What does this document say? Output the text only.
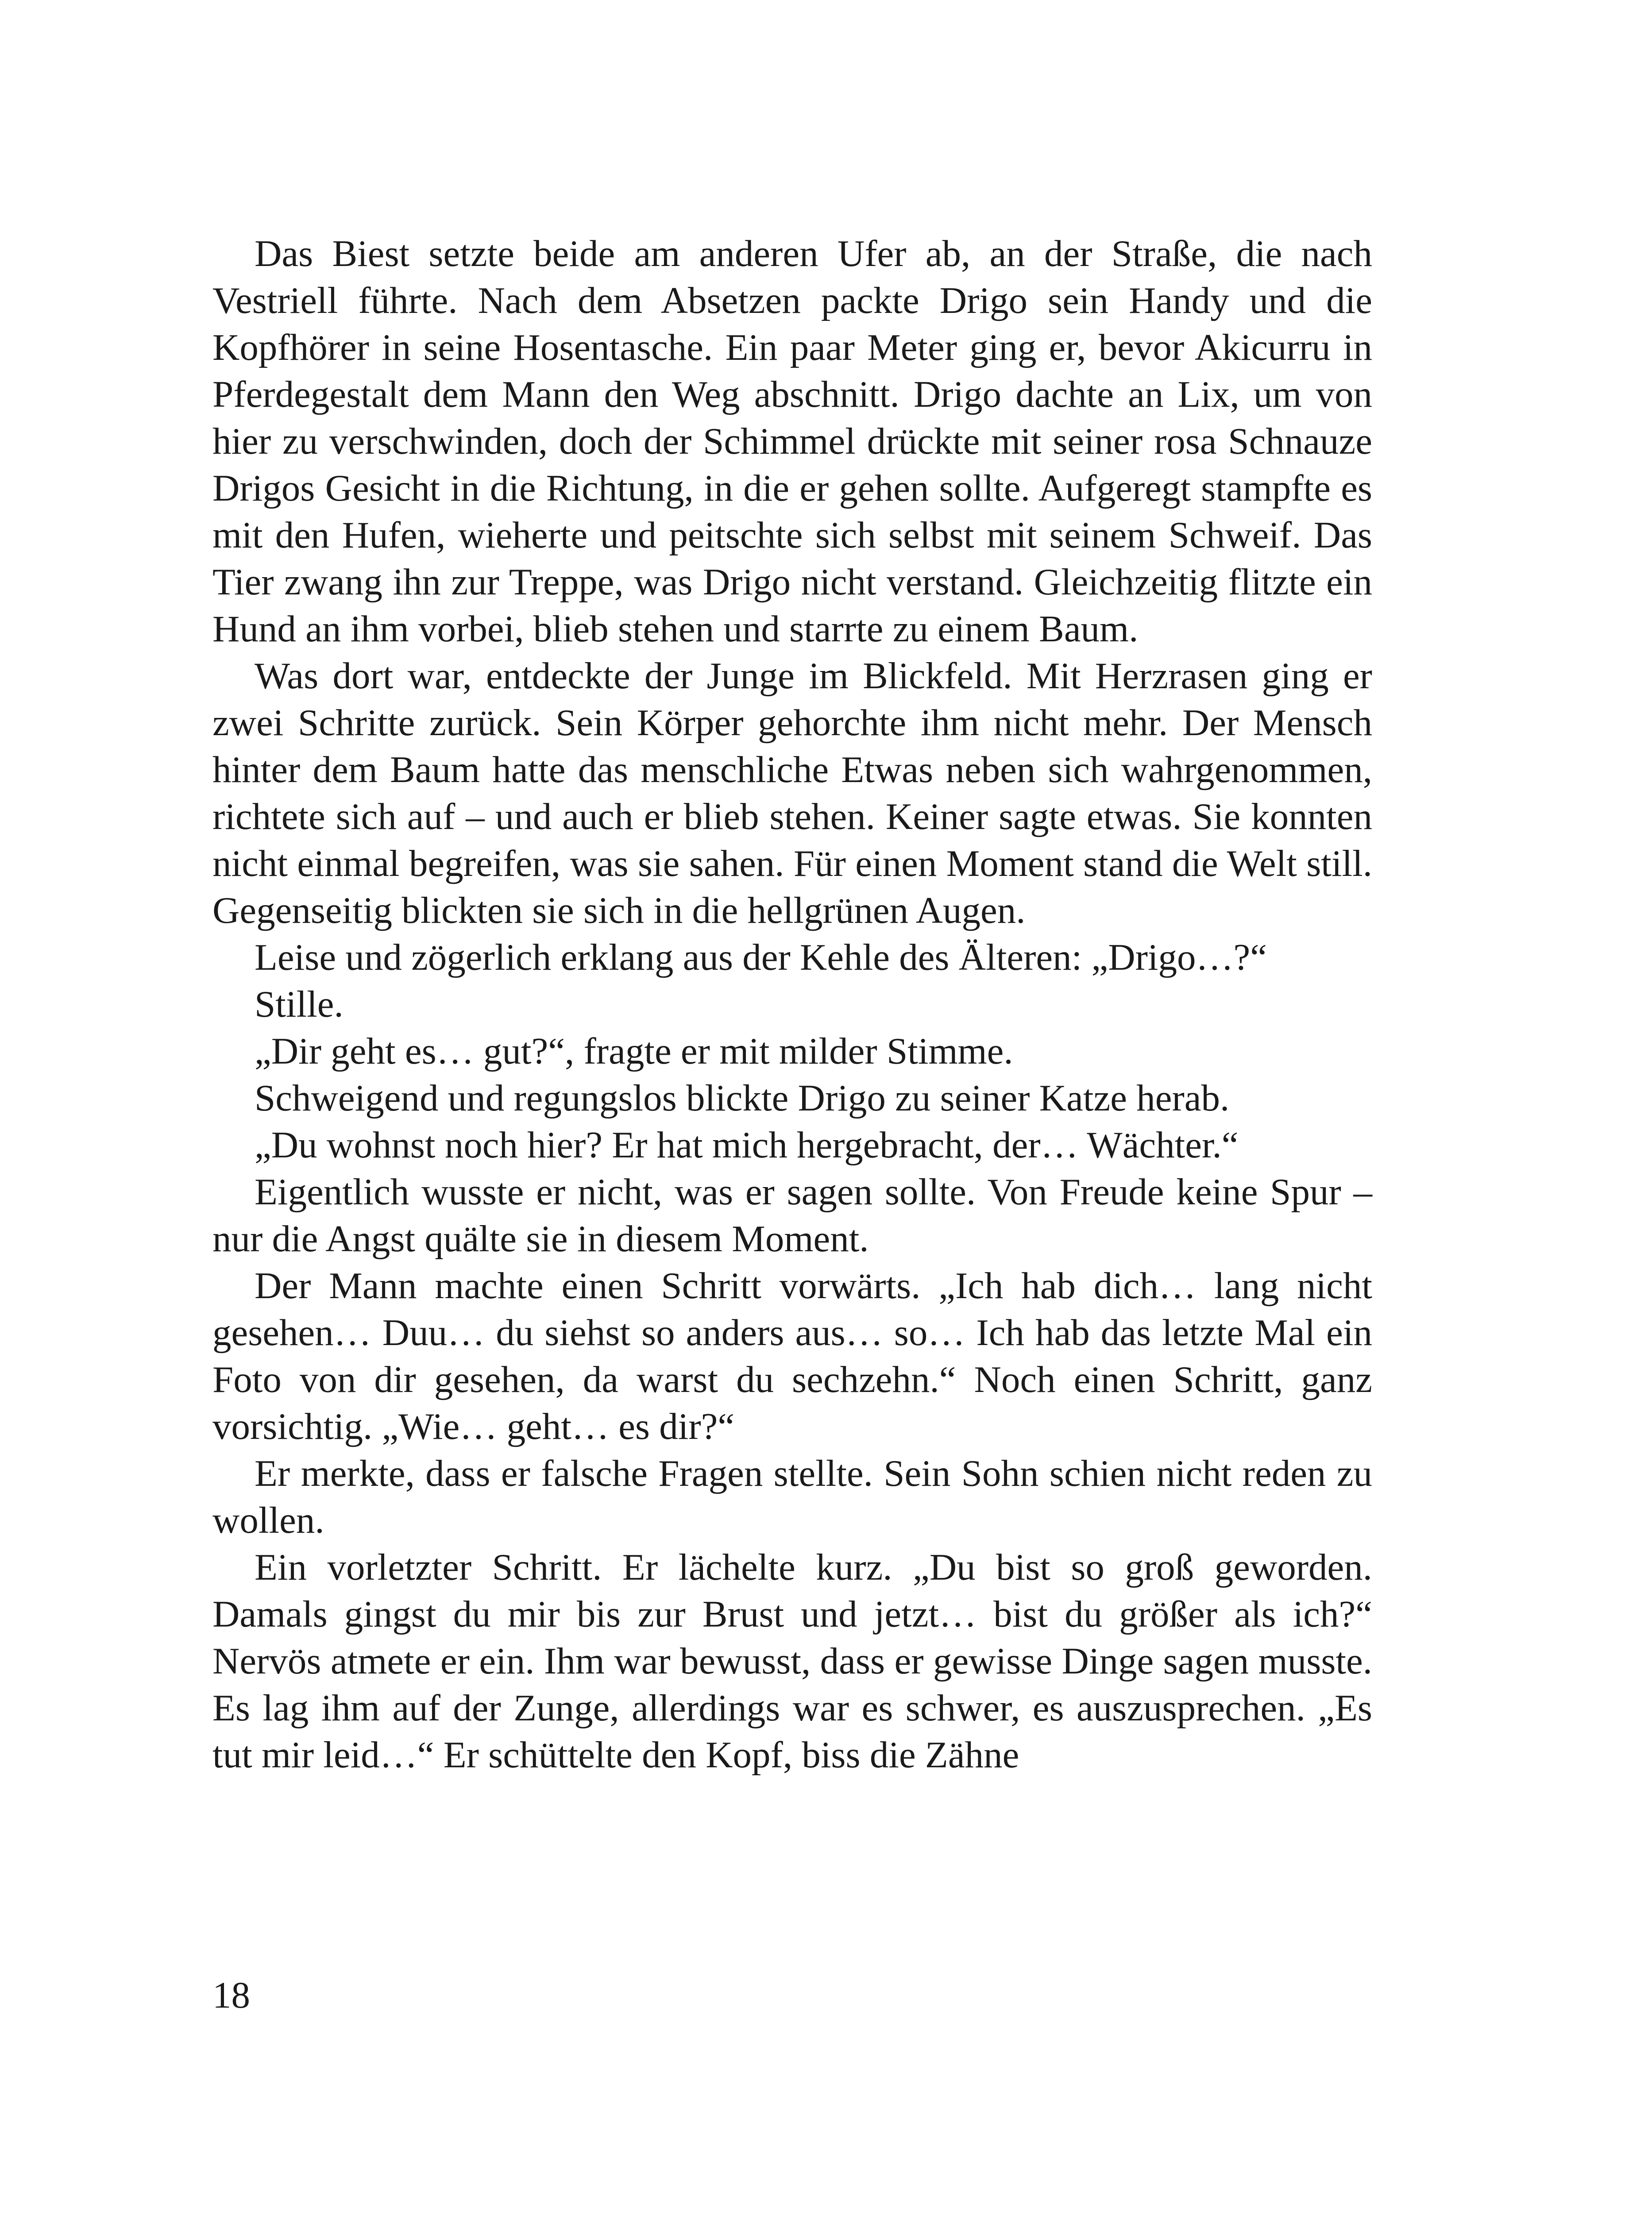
Das Biest setzte beide am anderen Ufer ab, an der Straße, die nach Vestriell führte. Nach dem Absetzen packte Drigo sein Handy und die Kopfhörer in seine Hosentasche. Ein paar Meter ging er, bevor Akicurru in Pferdegestalt dem Mann den Weg abschnitt. Drigo dachte an Lix, um von hier zu verschwinden, doch der Schimmel drückte mit seiner rosa Schnauze Drigos Gesicht in die Richtung, in die er gehen sollte. Aufgeregt stampfte es mit den Hufen, wieherte und peitschte sich selbst mit seinem Schweif. Das Tier zwang ihn zur Treppe, was Drigo nicht verstand. Gleichzeitig flitzte ein Hund an ihm vorbei, blieb stehen und starrte zu einem Baum.

Was dort war, entdeckte der Junge im Blickfeld. Mit Herzrasen ging er zwei Schritte zurück. Sein Körper gehorchte ihm nicht mehr. Der Mensch hinter dem Baum hatte das menschliche Etwas neben sich wahrgenommen, richtete sich auf – und auch er blieb stehen. Keiner sagte etwas. Sie konnten nicht einmal begreifen, was sie sahen. Für einen Moment stand die Welt still. Gegenseitig blickten sie sich in die hellgrünen Augen.

Leise und zögerlich erklang aus der Kehle des Älteren: „Drigo…?“

Stille.

„Dir geht es… gut?“, fragte er mit milder Stimme.

Schweigend und regungslos blickte Drigo zu seiner Katze herab.

„Du wohnst noch hier? Er hat mich hergebracht, der… Wächter.“

Eigentlich wusste er nicht, was er sagen sollte. Von Freude keine Spur – nur die Angst quälte sie in diesem Moment.

Der Mann machte einen Schritt vorwärts. „Ich hab dich… lang nicht gesehen… Duu… du siehst so anders aus… so… Ich hab das letzte Mal ein Foto von dir gesehen, da warst du sechzehn.“ Noch einen Schritt, ganz vorsichtig. „Wie… geht… es dir?“

Er merkte, dass er falsche Fragen stellte. Sein Sohn schien nicht reden zu wollen.

Ein vorletzter Schritt. Er lächelte kurz. „Du bist so groß geworden. Damals gingst du mir bis zur Brust und jetzt… bist du größer als ich?“ Nervös atmete er ein. Ihm war bewusst, dass er gewisse Dinge sagen musste. Es lag ihm auf der Zunge, allerdings war es schwer, es auszusprechen. „Es tut mir leid…“ Er schüttelte den Kopf, biss die Zähne

18
